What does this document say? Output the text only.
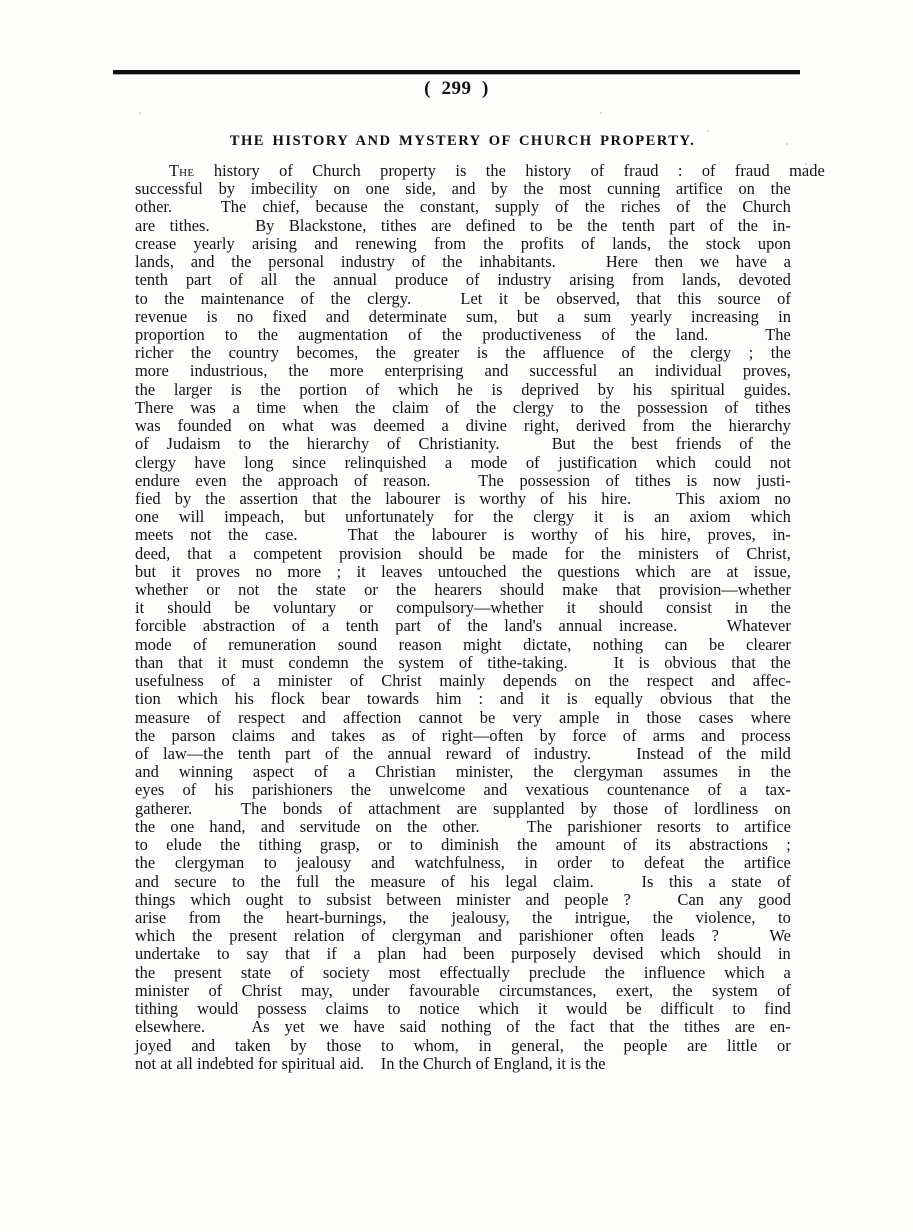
(  299  )
THE HISTORY AND MYSTERY OF CHURCH PROPERTY.
The history of Church property is the history of fraud : of fraud made
successful by imbecility on one side, and by the most cunning artifice on the
other.
	The chief, because the constant, supply of the riches of the Church
are tithes.
	By Blackstone, tithes are defined to be the tenth part of the in-
crease yearly arising and renewing from the profits of lands, the stock upon
lands, and the personal industry of the inhabitants.
	Here then we have a
tenth part of all the annual produce of industry arising from lands, devoted
to the maintenance of the clergy.
	Let it be observed, that this source of
revenue is no fixed and determinate sum, but a sum yearly increasing in
proportion to the augmentation of the productiveness of the land.
	The
richer the country becomes, the greater is the affluence of the clergy ; the
more industrious, the more enterprising and successful an individual proves,
the larger is the portion of which he is deprived by his spiritual guides.
There was a time when the claim of the clergy to the possession of tithes
was founded on what was deemed a divine right, derived from the hierarchy
of Judaism to the hierarchy of Christianity.
	But the best friends of the
clergy have long since relinquished a mode of justification which could not
endure even the approach of reason.
	The possession of tithes is now justi-
fied by the assertion that the labourer is worthy of his hire.
	This axiom no
one will impeach, but unfortunately for the clergy it is an axiom which
meets not the case.
	That the labourer is worthy of his hire, proves, in-
deed, that a competent provision should be made for the ministers of Christ,
but it proves no more ; it leaves untouched the questions which are at issue,
whether or not the state or the hearers should make that provision—whether
it should be voluntary or compulsory—whether it should consist in the
forcible abstraction of a tenth part of the land's annual increase.
	Whatever
mode of remuneration sound reason might dictate, nothing can be clearer
than that it must condemn the system of tithe-taking.
	It is obvious that the
usefulness of a minister of Christ mainly depends on the respect and affec-
tion which his flock bear towards him : and it is equally obvious that the
measure of respect and affection cannot be very ample in those cases where
the parson claims and takes as of right—often by force of arms and process
of law—the tenth part of the annual reward of industry.
	Instead of the mild
and winning aspect of a Christian minister, the clergyman assumes in the
eyes of his parishioners the unwelcome and vexatious countenance of a tax-
gatherer.
	The bonds of attachment are supplanted by those of lordliness on
the one hand, and servitude on the other.
	The parishioner resorts to artifice
to elude the tithing grasp, or to diminish the amount of its abstractions ;
the clergyman to jealousy and watchfulness, in order to defeat the artifice
and secure to the full the measure of his legal claim.
	Is this a state of
things which ought to subsist between minister and people ?
	Can any good
arise from the heart-burnings, the jealousy, the intrigue, the violence, to
which the present relation of clergyman and parishioner often leads ?
	We
undertake to say that if a plan had been purposely devised which should in
the present state of society most effectually preclude the influence which a
minister of Christ may, under favourable circumstances, exert, the system of
tithing would possess claims to notice which it would be difficult to find
elsewhere.
	As yet we have said nothing of the fact that the tithes are en-
joyed and taken by those to whom, in general, the people are little or
not at all indebted for spiritual aid.
In the Church of England, it is the
